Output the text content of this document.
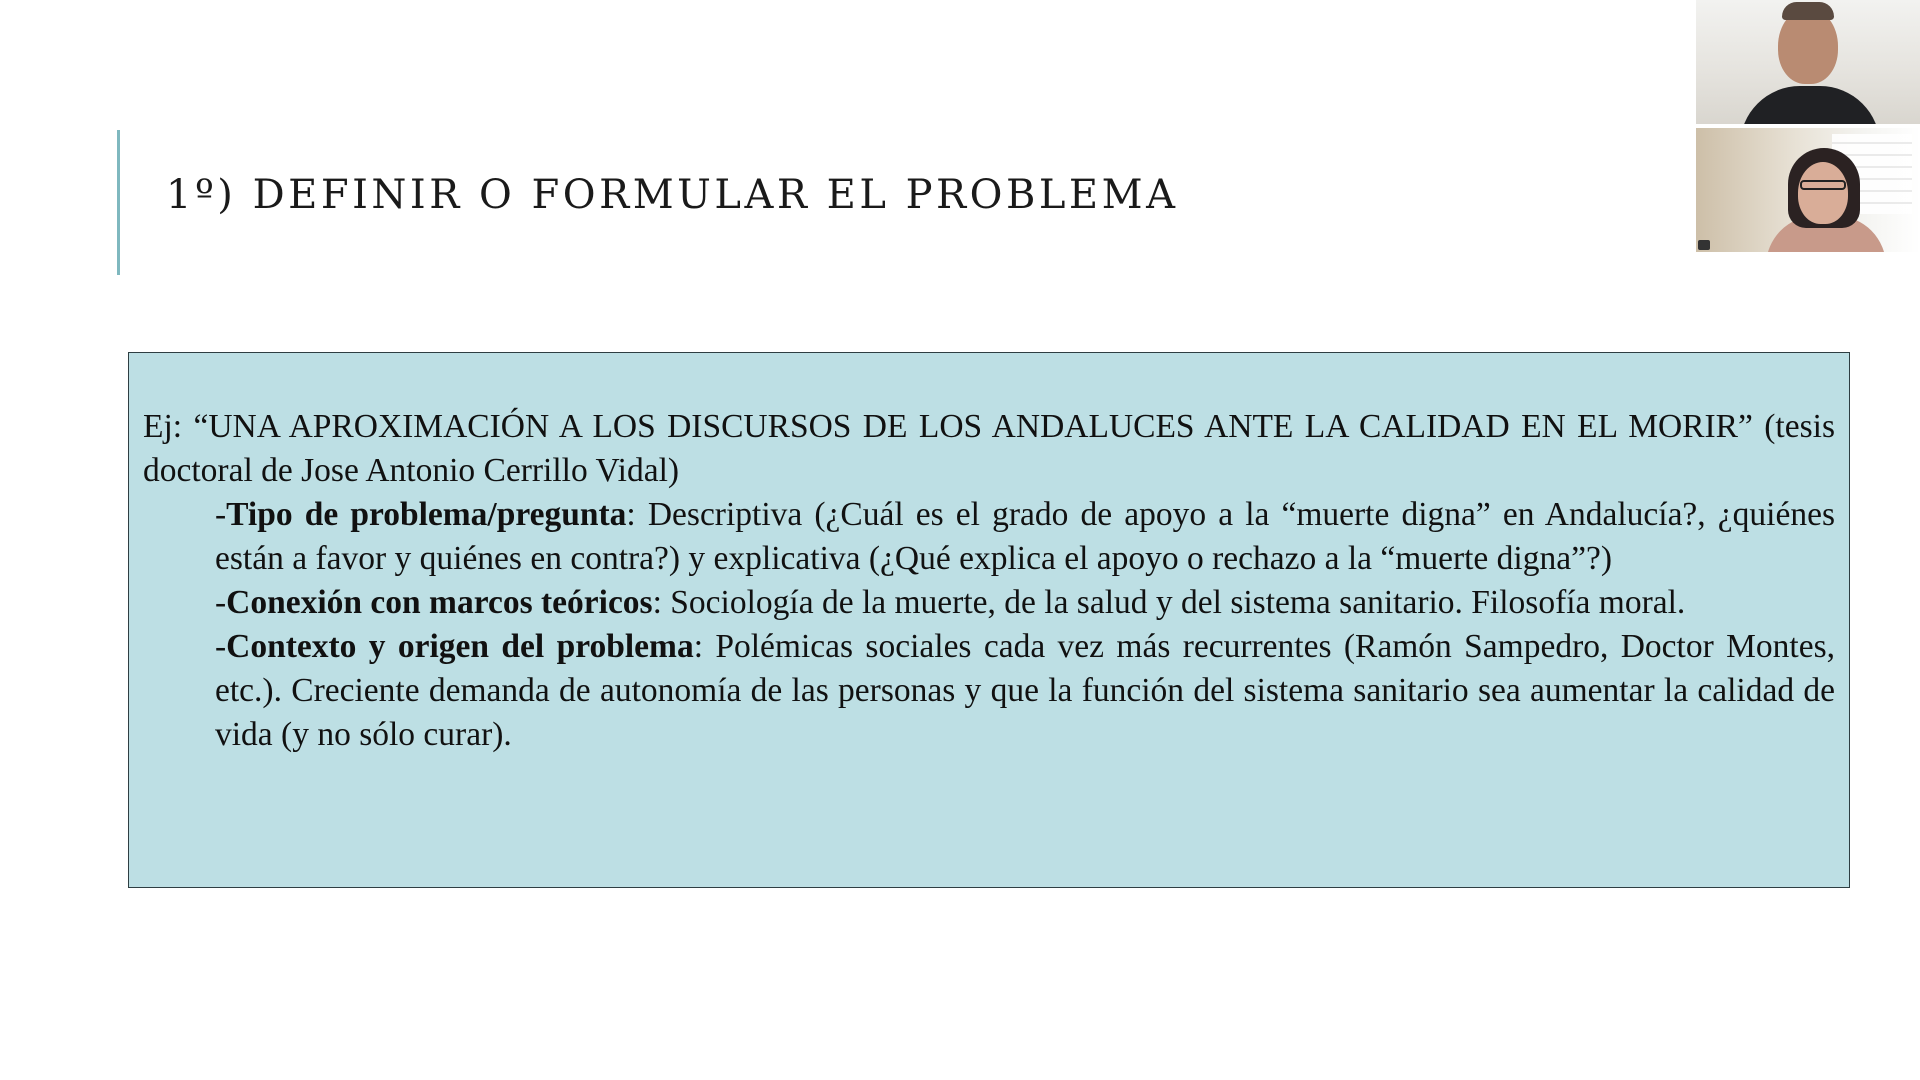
1º) DEFINIR O FORMULAR EL PROBLEMA

Ej: “UNA APROXIMACIÓN A LOS DISCURSOS DE LOS ANDALUCES ANTE LA CALIDAD EN EL MORIR” (tesis doctoral de Jose Antonio Cerrillo Vidal)

-Tipo de problema/pregunta: Descriptiva (¿Cuál es el grado de apoyo a la “muerte digna” en Andalucía?, ¿quiénes están a favor y quiénes en contra?) y explicativa (¿Qué explica el apoyo o rechazo a la “muerte digna”?)

-Conexión con marcos teóricos: Sociología de la muerte, de la salud y del sistema sanitario. Filosofía moral.

-Contexto y origen del problema: Polémicas sociales cada vez más recurrentes (Ramón Sampedro, Doctor Montes, etc.). Creciente demanda de autonomía de las personas y que la función del sistema sanitario sea aumentar la calidad de vida (y no sólo curar).
